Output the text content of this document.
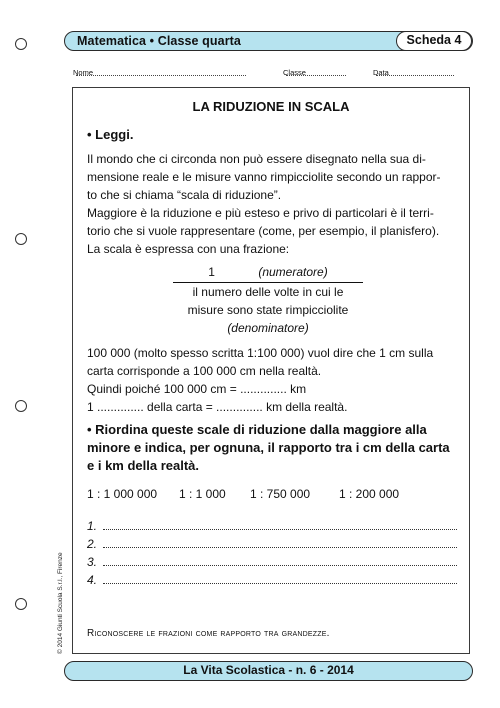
Matematica • Classe quarta	Scheda 4
Nome	Classe	Data
LA RIDUZIONE IN SCALA
• Leggi.
Il mondo che ci circonda non può essere disegnato nella sua di-
mensione reale e le misure vanno rimpicciolite secondo un rappor-
to che si chiama “scala di riduzione”.
Maggiore è la riduzione e più esteso e privo di particolari è il terri-
torio che si vuole rappresentare (come, per esempio, il planisfero).
La scala è espressa con una frazione:
1	(numeratore)
il numero delle volte in cui le
misure sono state rimpicciolite
(denominatore)
100 000 (molto spesso scritta 1:100 000) vuol dire che 1 cm sulla
carta corrisponde a 100 000 cm nella realtà.
Quindi poiché 100 000 cm = .............. km
1 .............. della carta = .............. km della realtà.
• Riordina queste scale di riduzione dalla maggiore alla
minore e indica, per ognuna, il rapporto tra i cm della carta
e i km della realtà.
1 : 1 000 000 1 : 1 000 1 : 750 000 1 : 200 000
1.
2.
3.
4.
Riconoscere le frazioni come rapporto tra grandezze.
© 2014 Giunti Scuola S.r.l., Firenze
La Vita Scolastica - n. 6 - 2014
